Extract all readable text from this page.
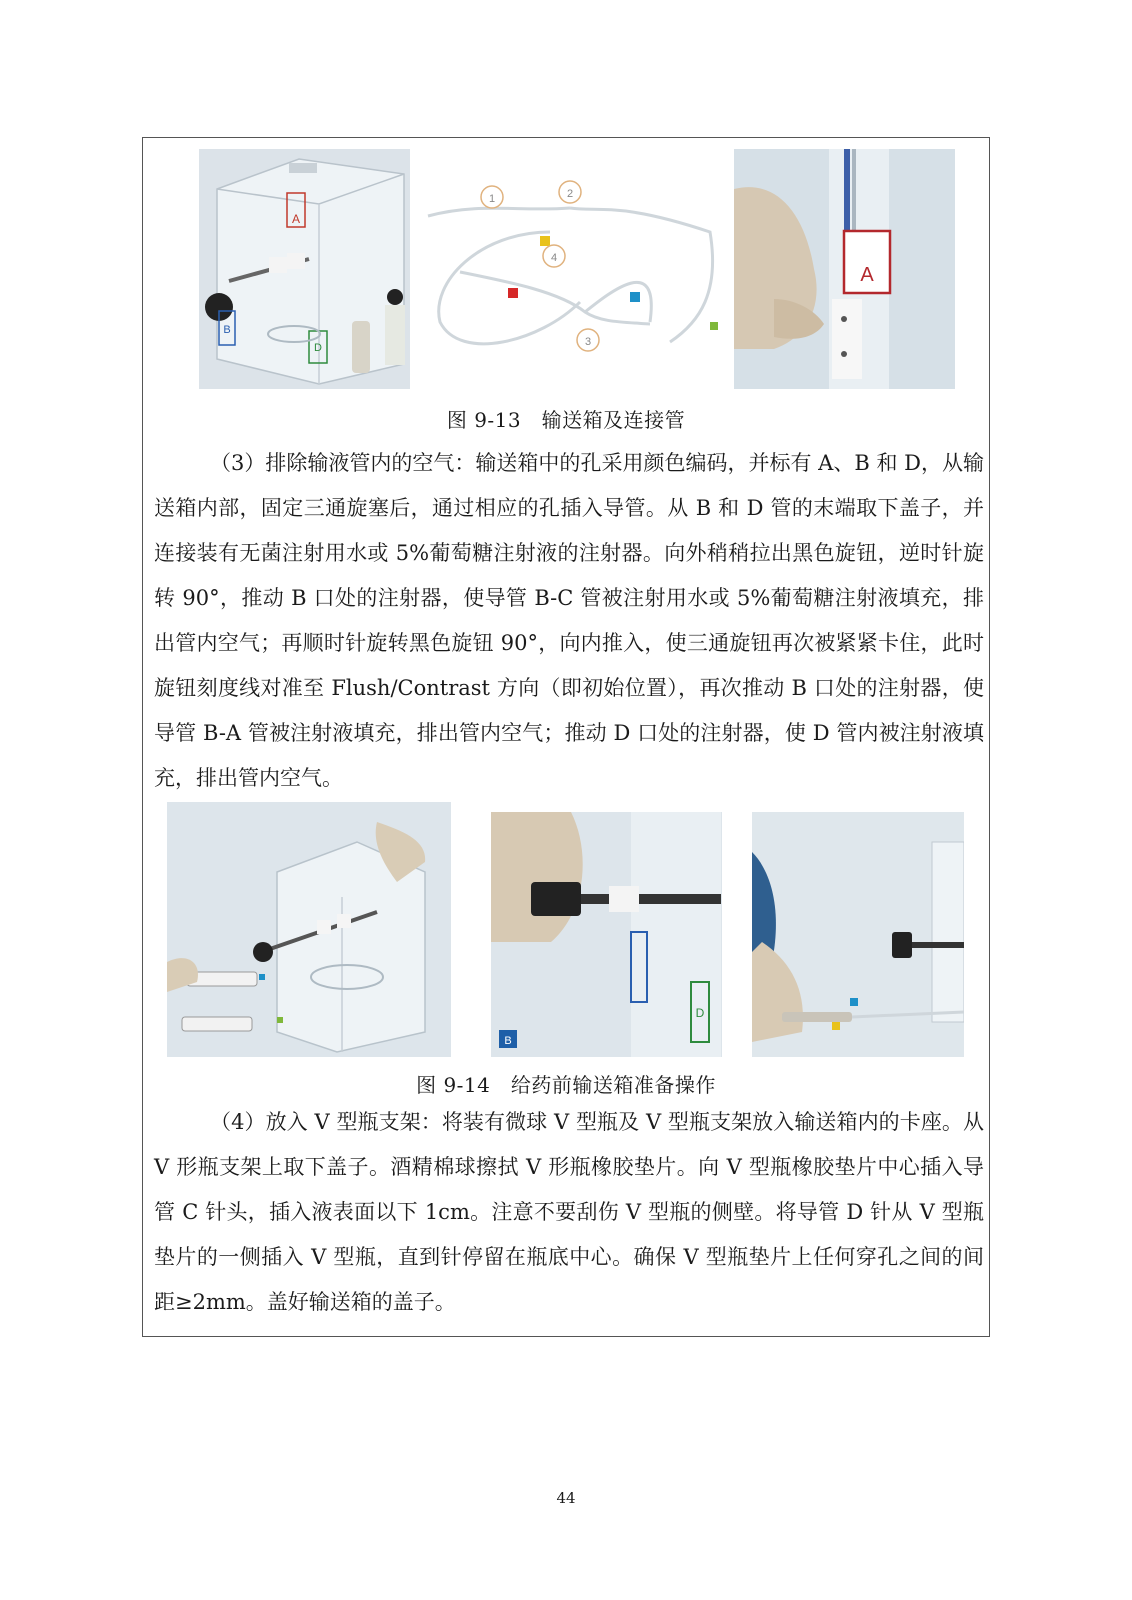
A
B
D
1	2
3
4
A
图 9-13　输送箱及连接管

（3）排除输液管内的空气：输送箱中的孔采用颜色编码，并标有 A、B 和 D，从输送箱内部，固定三通旋塞后，通过相应的孔插入导管。从 B 和 D 管的末端取下盖子，并连接装有无菌注射用水或 5%葡萄糖注射液的注射器。向外稍稍拉出黑色旋钮，逆时针旋转 90°，推动 B 口处的注射器，使导管 B-C 管被注射用水或 5%葡萄糖注射液填充，排出管内空气；再顺时针旋转黑色旋钮 90°，向内推入，使三通旋钮再次被紧紧卡住，此时旋钮刻度线对准至 Flush/Contrast 方向（即初始位置），再次推动 B 口处的注射器，使导管 B-A 管被注射液填充，排出管内空气；推动 D 口处的注射器，使 D 管内被注射液填充，排出管内空气。

D
B
图 9-14　给药前输送箱准备操作

（4）放入 V 型瓶支架：将装有微球 V 型瓶及 V 型瓶支架放入输送箱内的卡座。从 V 形瓶支架上取下盖子。酒精棉球擦拭 V 形瓶橡胶垫片。向 V 型瓶橡胶垫片中心插入导管 C 针头，插入液表面以下 1cm。注意不要刮伤 V 型瓶的侧壁。将导管 D 针从 V 型瓶垫片的一侧插入 V 型瓶，直到针停留在瓶底中心。确保 V 型瓶垫片上任何穿孔之间的间距≥2mm。盖好输送箱的盖子。

44
